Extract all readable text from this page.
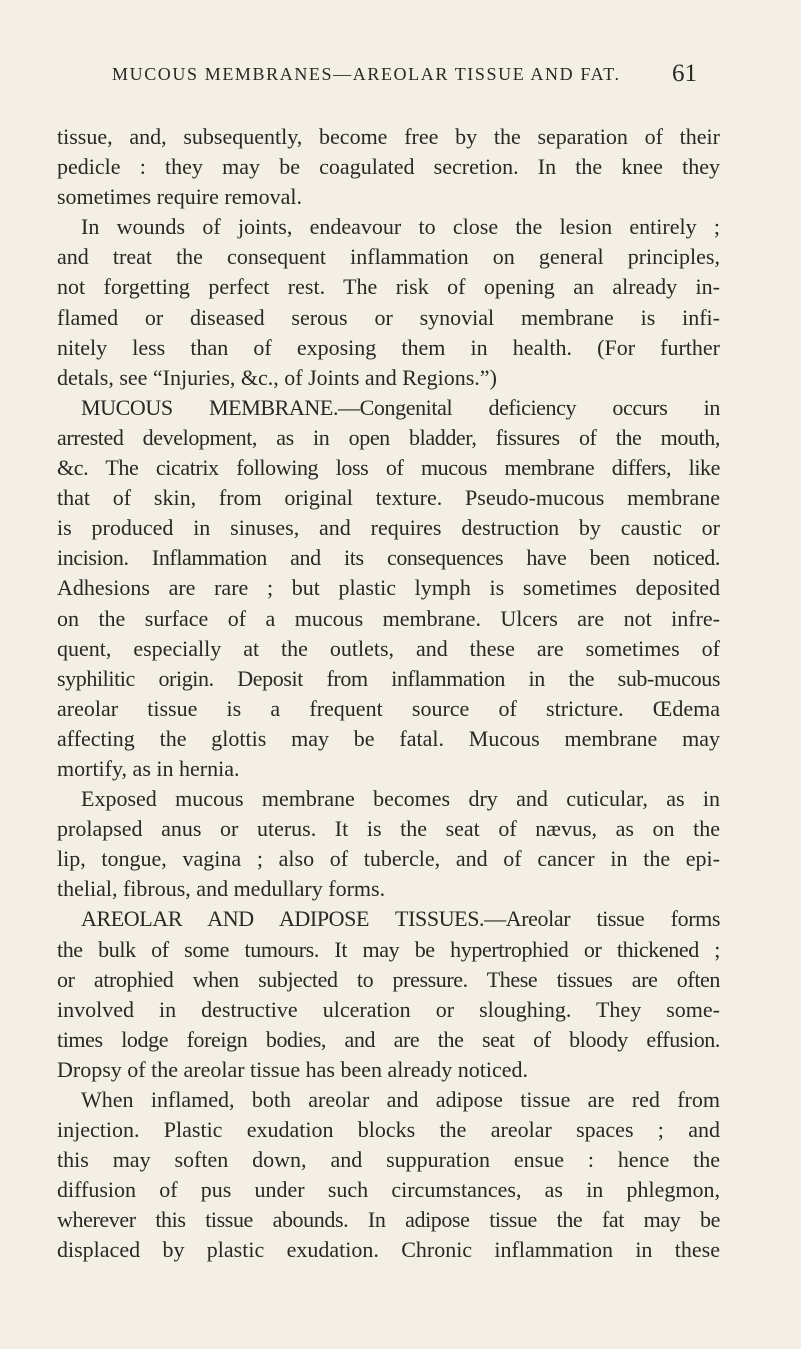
MUCOUS MEMBRANES—AREOLAR TISSUE AND FAT. 61
tissue, and, subsequently, become free by the separation of their
pedicle : they may be coagulated secretion. In the knee they
sometimes require removal.
In wounds of joints, endeavour to close the lesion entirely ;
and treat the consequent inflammation on general principles,
not forgetting perfect rest. The risk of opening an already in-
flamed or diseased serous or synovial membrane is infi-
nitely less than of exposing them in health. (For further
detals, see “Injuries, &c., of Joints and Regions.”)
MUCOUS MEMBRANE.—Congenital deficiency occurs in
arrested development, as in open bladder, fissures of the mouth,
&c. The cicatrix following loss of mucous membrane differs, like
that of skin, from original texture. Pseudo-mucous membrane
is produced in sinuses, and requires destruction by caustic or
incision. Inflammation and its consequences have been noticed.
Adhesions are rare ; but plastic lymph is sometimes deposited
on the surface of a mucous membrane. Ulcers are not infre-
quent, especially at the outlets, and these are sometimes of
syphilitic origin. Deposit from inflammation in the sub-mucous
areolar tissue is a frequent source of stricture. Œdema
affecting the glottis may be fatal. Mucous membrane may
mortify, as in hernia.
Exposed mucous membrane becomes dry and cuticular, as in
prolapsed anus or uterus. It is the seat of nævus, as on the
lip, tongue, vagina ; also of tubercle, and of cancer in the epi-
thelial, fibrous, and medullary forms.
AREOLAR AND ADIPOSE TISSUES.—Areolar tissue forms
the bulk of some tumours. It may be hypertrophied or thickened ;
or atrophied when subjected to pressure. These tissues are often
involved in destructive ulceration or sloughing. They some-
times lodge foreign bodies, and are the seat of bloody effusion.
Dropsy of the areolar tissue has been already noticed.
When inflamed, both areolar and adipose tissue are red from
injection. Plastic exudation blocks the areolar spaces ; and
this may soften down, and suppuration ensue : hence the
diffusion of pus under such circumstances, as in phlegmon,
wherever this tissue abounds. In adipose tissue the fat may be
displaced by plastic exudation. Chronic inflammation in these
